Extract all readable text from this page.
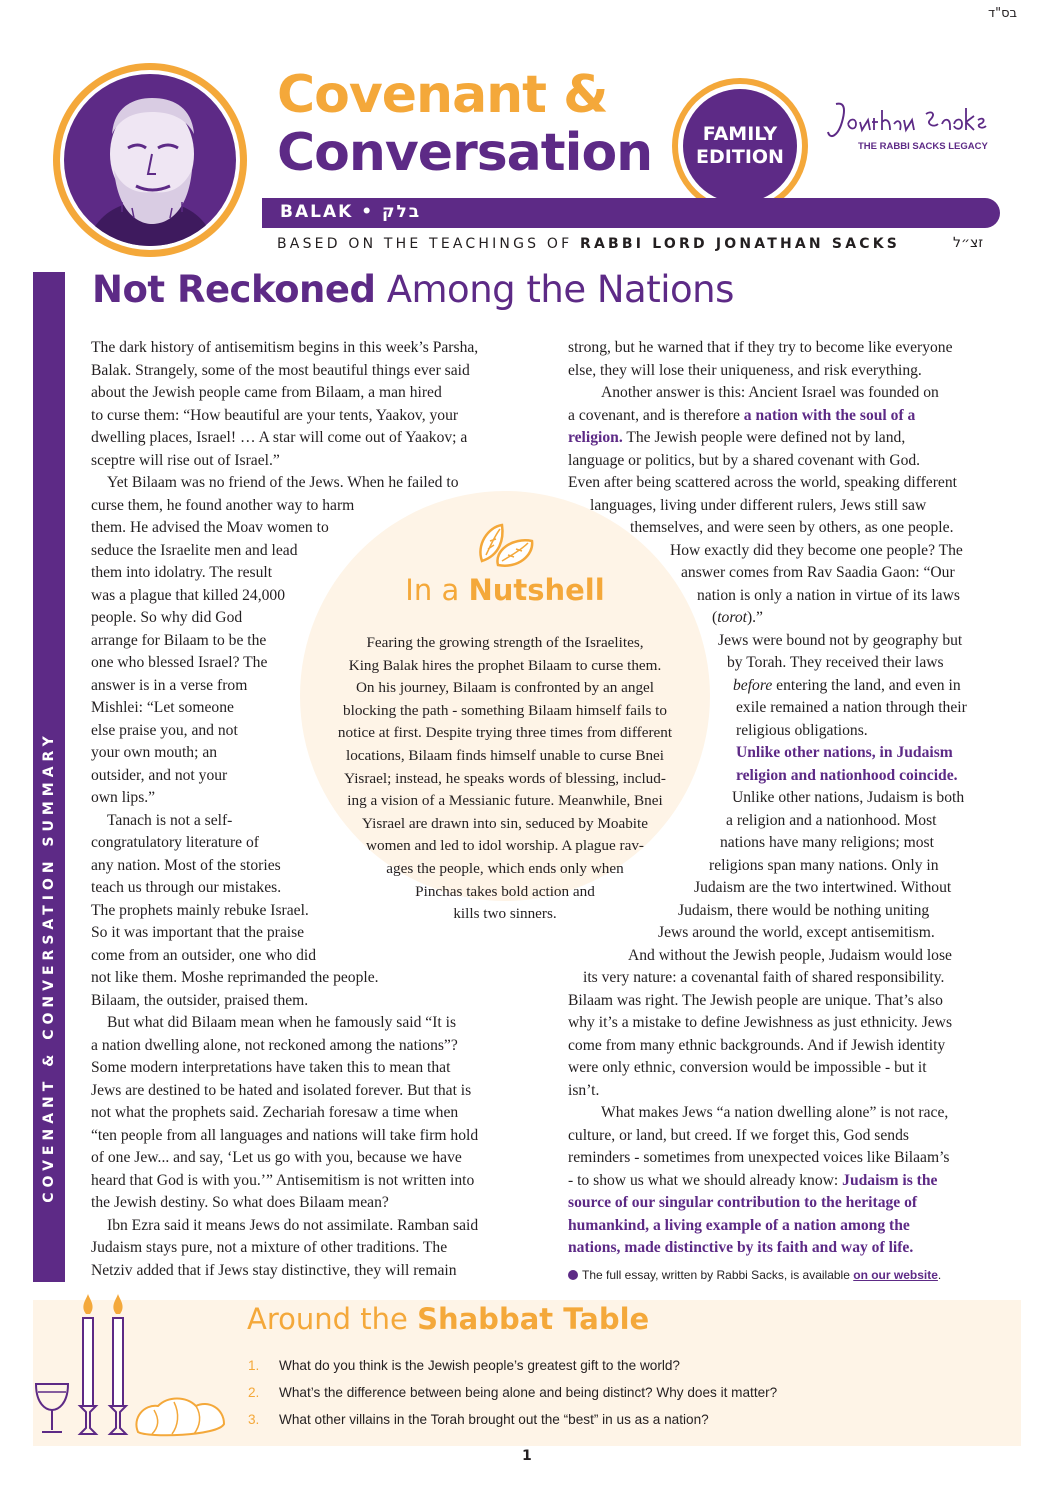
בס"ד
Covenant &
Conversation	FAMILY
EDITION	THE RABBI SACKS LEGACY
BALAK • בלק
BASED ON THE TEACHINGS OF RABBI LORD JONATHAN SACKS	זצ״ל
COVENANT & CONVERSATION SUMMARY
Not Reckoned Among the Nations
The dark history of antisemitism begins in this week’s Parsha,
Balak. Strangely, some of the most beautiful things ever said
about the Jewish people came from Bilaam, a man hired
to curse them: “How beautiful are your tents, Yaakov, your
dwelling places, Israel! … A star will come out of Yaakov; a
sceptre will rise out of Israel.”
Yet Bilaam was no friend of the Jews. When he failed to
curse them, he found another way to harm
them. He advised the Moav women to
seduce the Israelite men and lead
them into idolatry. The result
was a plague that killed 24,000
people. So why did God
arrange for Bilaam to be the
one who blessed Israel? The
answer is in a verse from
Mishlei: “Let someone
else praise you, and not
your own mouth; an
outsider, and not your
own lips.”
Tanach is not a self-
congratulatory literature of
any nation. Most of the stories
teach us through our mistakes.
The prophets mainly rebuke Israel.
So it was important that the praise
come from an outsider, one who did
not like them. Moshe reprimanded the people.
Bilaam, the outsider, praised them.
But what did Bilaam mean when he famously said “It is
a nation dwelling alone, not reckoned among the nations”?
Some modern interpretations have taken this to mean that
Jews are destined to be hated and isolated forever. But that is
not what the prophets said. Zechariah foresaw a time when
“ten people from all languages and nations will take firm hold
of one Jew... and say, ‘Let us go with you, because we have
heard that God is with you.’” Antisemitism is not written into
the Jewish destiny. So what does Bilaam mean?
Ibn Ezra said it means Jews do not assimilate. Ramban said
Judaism stays pure, not a mixture of other traditions. The
Netziv added that if Jews stay distinctive, they will remain
strong, but he warned that if they try to become like everyone
else, they will lose their uniqueness, and risk everything.
Another answer is this: Ancient Israel was founded on
a covenant, and is therefore a nation with the soul of a
religion. The Jewish people were defined not by land,
language or politics, but by a shared covenant with God.
Even after being scattered across the world, speaking different
languages, living under different rulers, Jews still saw
themselves, and were seen by others, as one people.
How exactly did they become one people? The
answer comes from Rav Saadia Gaon: “Our
nation is only a nation in virtue of its laws
(torot).”
Jews were bound not by geography but
by Torah. They received their laws
before entering the land, and even in
exile remained a nation through their
religious obligations.
Unlike other nations, in Judaism
religion and nationhood coincide.
Unlike other nations, Judaism is both
a religion and a nationhood. Most
nations have many religions; most
religions span many nations. Only in
Judaism are the two intertwined. Without
Judaism, there would be nothing uniting
Jews around the world, except antisemitism.
And without the Jewish people, Judaism would lose
its very nature: a covenantal faith of shared responsibility.
Bilaam was right. The Jewish people are unique. That’s also
why it’s a mistake to define Jewishness as just ethnicity. Jews
come from many ethnic backgrounds. And if Jewish identity
were only ethnic, conversion would be impossible - but it
isn’t.
What makes Jews “a nation dwelling alone” is not race,
culture, or land, but creed. If we forget this, God sends
reminders - sometimes from unexpected voices like Bilaam’s
- to show us what we should already know: Judaism is the
source of our singular contribution to the heritage of
humankind, a living example of a nation among the
nations, made distinctive by its faith and way of life.
In a Nutshell
Fearing the growing strength of the Israelites,
King Balak hires the prophet Bilaam to curse them.
On his journey, Bilaam is confronted by an angel
blocking the path - something Bilaam himself fails to
notice at first. Despite trying three times from different
locations, Bilaam finds himself unable to curse Bnei
Yisrael; instead, he speaks words of blessing, includ-
ing a vision of a Messianic future. Meanwhile, Bnei
Yisrael are drawn into sin, seduced by Moabite
women and led to idol worship. A plague rav-
ages the people, which ends only when
Pinchas takes bold action and
kills two sinners.
The full essay, written by Rabbi Sacks, is available on our website.
Around the Shabbat Table
1. What do you think is the Jewish people’s greatest gift to the world?
2. What’s the difference between being alone and being distinct? Why does it matter?
3. What other villains in the Torah brought out the “best” in us as a nation?
1
